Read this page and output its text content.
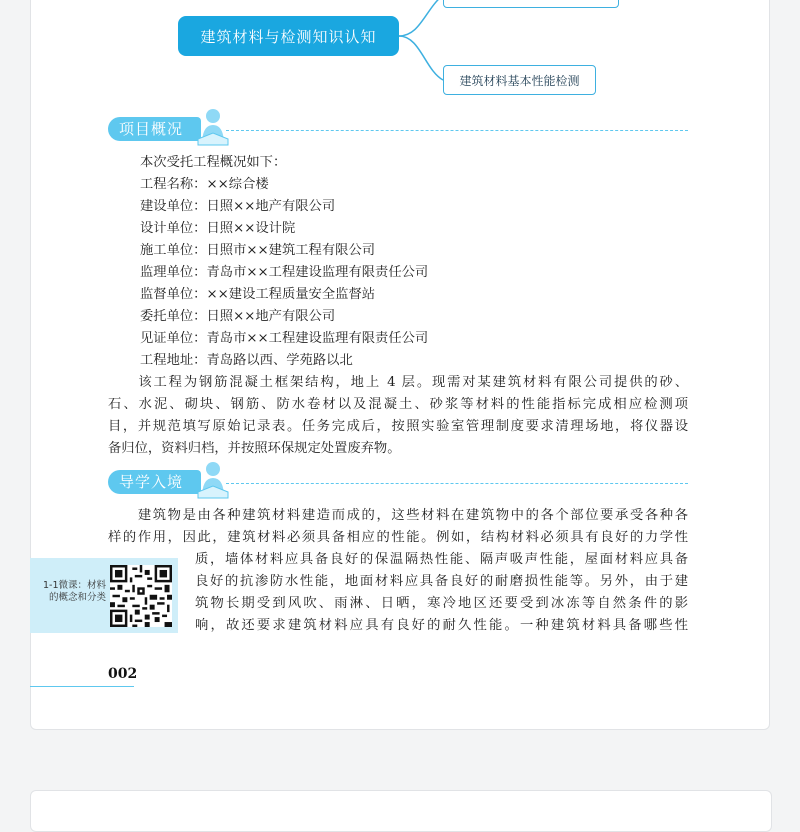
建筑材料与检测知识认知
建筑材料基本性能检测
项目概况
本次受托工程概况如下：
工程名称：××综合楼
建设单位：日照××地产有限公司
设计单位：日照××设计院
施工单位：日照市××建筑工程有限公司
监理单位：青岛市××工程建设监理有限责任公司
监督单位：××建设工程质量安全监督站
委托单位：日照××地产有限公司
见证单位：青岛市××工程建设监理有限责任公司
工程地址：青岛路以西、学苑路以北
　　该工程为钢筋混凝土框架结构，地上 4 层。现需对某建筑材料有限公司提供的砂、
石、水泥、砌块、钢筋、防水卷材以及混凝土、砂浆等材料的性能指标完成相应检测项
目，并规范填写原始记录表。任务完成后，按照实验室管理制度要求清理场地，将仪器设
备归位，资料归档，并按照环保规定处置废弃物。
导学入境
　　建筑物是由各种建筑材料建造而成的，这些材料在建筑物中的各个部位要承受各种各
样的作用，因此，建筑材料必须具备相应的性能。例如，结构材料必须具有良好的力学性
1-1微课：材料的概念和分类
质，墙体材料应具备良好的保温隔热性能、隔声吸声性能，屋面材料应具备
良好的抗渗防水性能，地面材料应具备良好的耐磨损性能等。另外，由于建
筑物长期受到风吹、雨淋、日晒，寒冷地区还要受到冰冻等自然条件的影
响，故还要求建筑材料应具有良好的耐久性能。一种建筑材料具备哪些性
002
